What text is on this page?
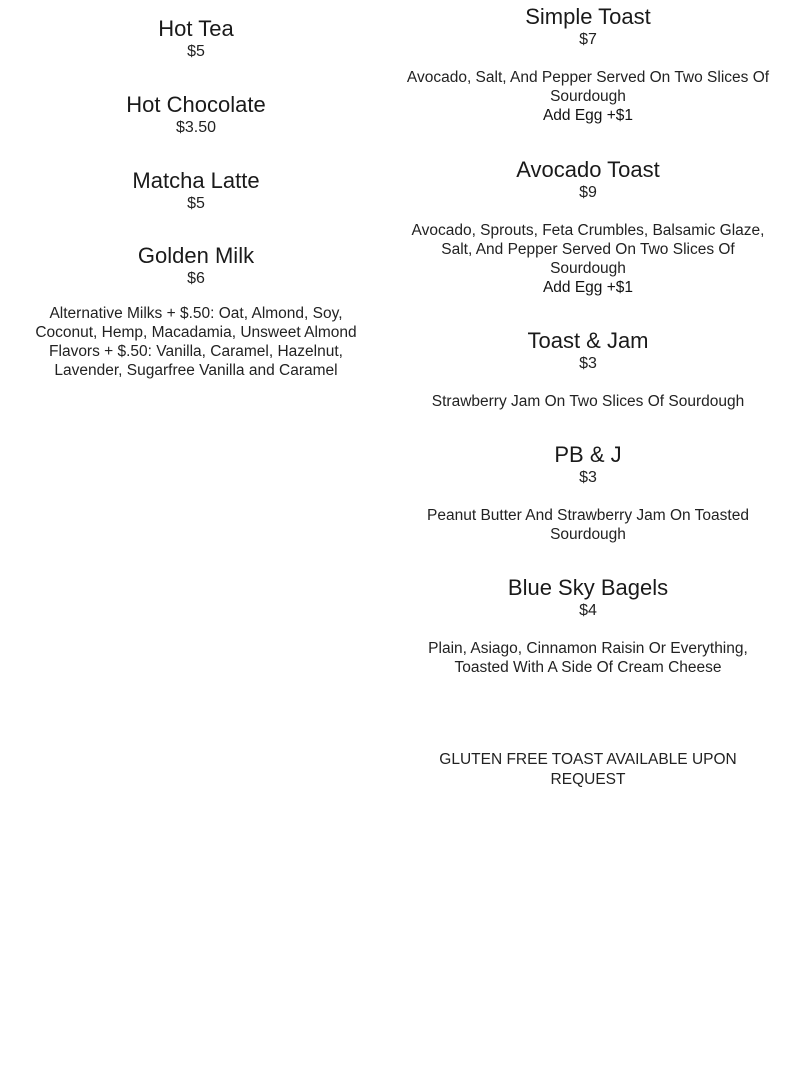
Hot Tea

$5

Hot Chocolate

$3.50

Matcha Latte

$5

Golden Milk

$6

Alternative Milks + $.50: Oat, Almond, Soy, Coconut, Hemp, Macadamia, Unsweet Almond Flavors + $.50: Vanilla, Caramel, Hazelnut, Lavender, Sugarfree Vanilla and Caramel

Simple Toast

$7

Avocado, Salt, And Pepper Served On Two Slices Of Sourdough

Add Egg +$1

Avocado Toast

$9

Avocado, Sprouts, Feta Crumbles, Balsamic Glaze, Salt, And Pepper Served On Two Slices Of Sourdough

Add Egg +$1

Toast & Jam

$3

Strawberry Jam On Two Slices Of Sourdough

PB & J

$3

Peanut Butter And Strawberry Jam On Toasted Sourdough

Blue Sky Bagels

$4

Plain, Asiago, Cinnamon Raisin Or Everything, Toasted With A Side Of Cream Cheese

GLUTEN FREE TOAST AVAILABLE UPON REQUEST
